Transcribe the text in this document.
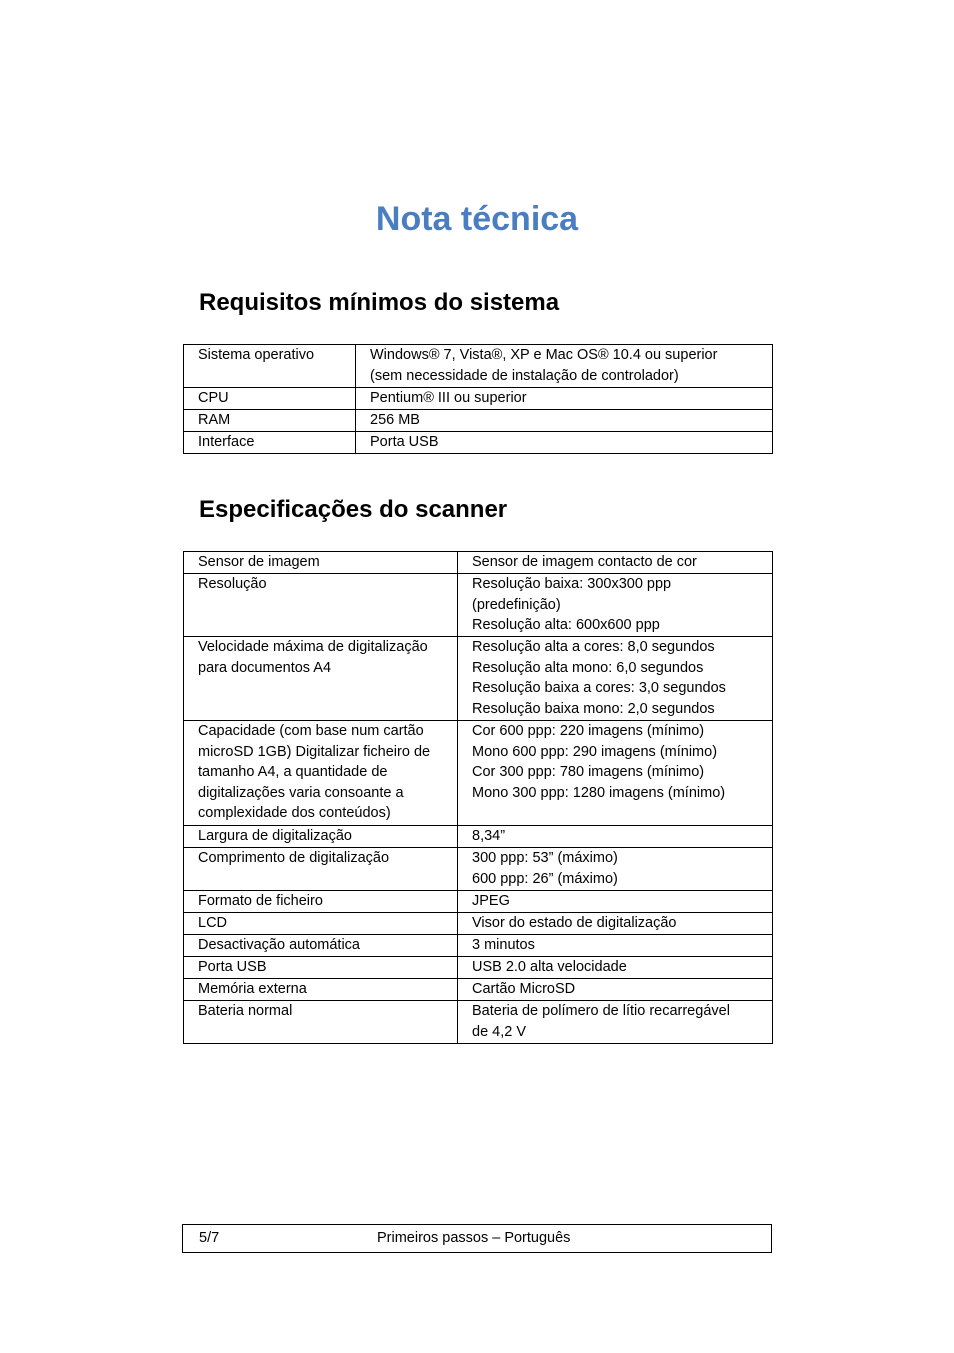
Nota técnica
Requisitos mínimos do sistema
Sistema operativo	Windows® 7, Vista®, XP e Mac OS® 10.4 ou superior
(sem necessidade de instalação de controlador)

CPU	Pentium® III ou superior

RAM	256 MB

Interface	Porta USB
Especificações do scanner
Sensor de imagem	Sensor de imagem contacto de cor

Resolução	Resolução baixa: 300x300 ppp
(predefinição)
Resolução alta: 600x600 ppp

Velocidade máxima de digitalização
para documentos A4	Resolução alta a cores: 8,0 segundos
Resolução alta mono: 6,0 segundos
Resolução baixa a cores: 3,0 segundos
Resolução baixa mono: 2,0 segundos

Capacidade (com base num cartão
microSD 1GB) Digitalizar ficheiro de
tamanho A4, a quantidade de
digitalizações varia consoante a
complexidade dos conteúdos)	Cor 600 ppp: 220 imagens (mínimo)
Mono 600 ppp: 290 imagens (mínimo)
Cor 300 ppp: 780 imagens (mínimo)
Mono 300 ppp: 1280 imagens (mínimo)

Largura de digitalização	8,34”

Comprimento de digitalização	300 ppp: 53” (máximo)
600 ppp: 26” (máximo)

Formato de ficheiro	JPEG

LCD	Visor do estado de digitalização

Desactivação automática	3 minutos

Porta USB	USB 2.0 alta velocidade

Memória externa	Cartão MicroSD

Bateria normal	Bateria de polímero de lítio recarregável
de 4,2 V
5/7	Primeiros passos – Português
